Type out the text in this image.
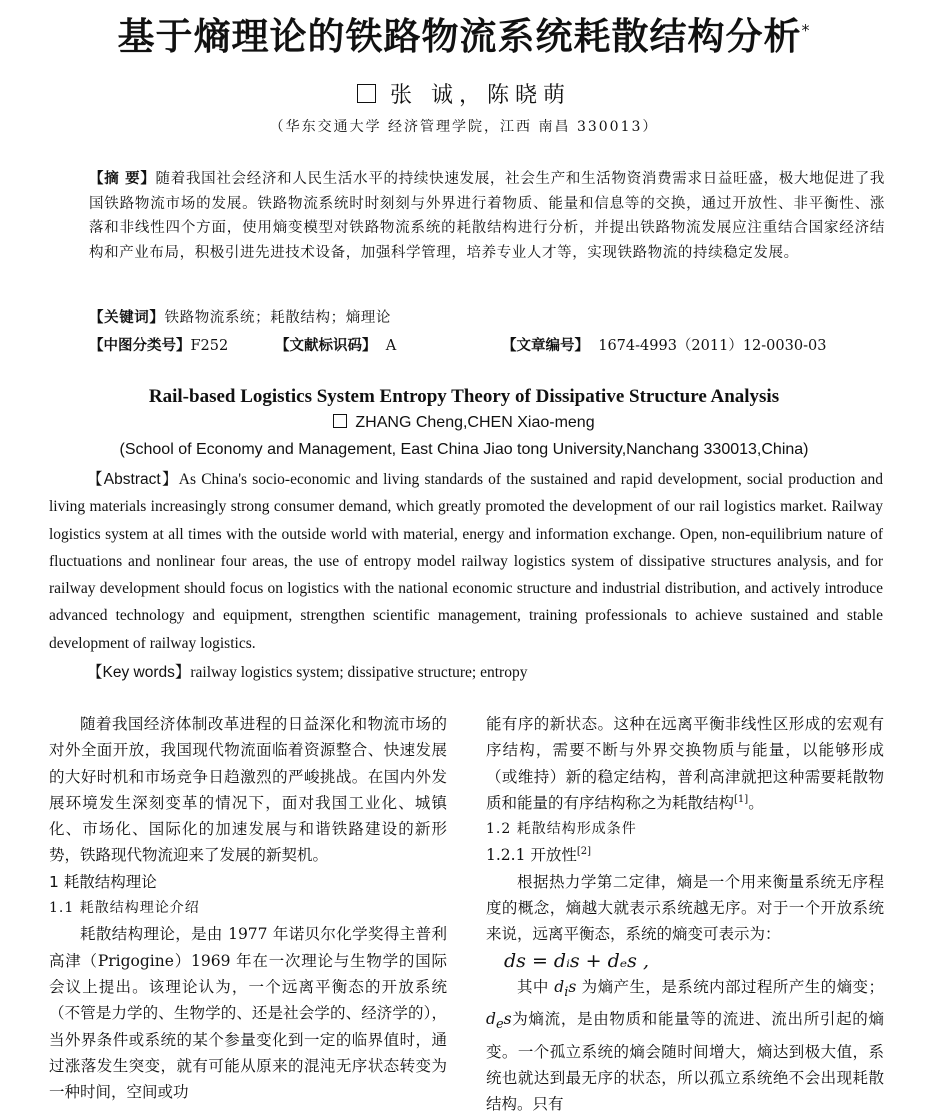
基于熵理论的铁路物流系统耗散结构分析*
张 诚，陈晓萌
（华东交通大学 经济管理学院，江西 南昌 330013）
【摘 要】随着我国社会经济和人民生活水平的持续快速发展，社会生产和生活物资消费需求日益旺盛，极大地促进了我国铁路物流市场的发展。铁路物流系统时时刻刻与外界进行着物质、能量和信息等的交换，通过开放性、非平衡性、涨落和非线性四个方面，使用熵变模型对铁路物流系统的耗散结构进行分析，并提出铁路物流发展应注重结合国家经济结构和产业布局，积极引进先进技术设备，加强科学管理，培养专业人才等，实现铁路物流的持续稳定发展。
【关键词】铁路物流系统；耗散结构；熵理论
【中图分类号】F252	【文献标识码】 A	【文章编号】 1674-4993（2011）12-0030-03
Rail-based Logistics System Entropy Theory of Dissipative Structure Analysis
ZHANG Cheng,CHEN Xiao-meng
(School of Economy and Management, East China Jiao tong University,Nanchang 330013,China)
【Abstract】As China's socio-economic and living standards of the sustained and rapid development, social production and living materials increasingly strong consumer demand, which greatly promoted the development of our rail logistics market. Railway logistics system at all times with the outside world with material, energy and information exchange. Open, non-equilibrium nature of fluctuations and nonlinear four areas, the use of entropy model railway logistics system of dissipative structures analysis, and for railway development should focus on logistics with the national economic structure and industrial distribution, and actively introduce advanced technology and equipment, strengthen scientific management, training professionals to achieve sustained and stable development of railway logistics.
【Key words】railway logistics system; dissipative structure; entropy

随着我国经济体制改革进程的日益深化和物流市场的对外全面开放，我国现代物流面临着资源整合、快速发展的大好时机和市场竞争日趋激烈的严峻挑战。在国内外发展环境发生深刻变革的情况下，面对我国工业化、城镇化、市场化、国际化的加速发展与和谐铁路建设的新形势，铁路现代物流迎来了发展的新契机。

1 耗散结构理论

1.1 耗散结构理论介绍

耗散结构理论，是由 1977 年诺贝尔化学奖得主普利高津（Prigogine）1969 年在一次理论与生物学的国际会议上提出。该理论认为，一个远离平衡态的开放系统（不管是力学的、生物学的、还是社会学的、经济学的），当外界条件或系统的某个参量变化到一定的临界值时，通过涨落发生突变，就有可能从原来的混沌无序状态转变为一种时间，空间或功

能有序的新状态。这种在远离平衡非线性区形成的宏观有序结构，需要不断与外界交换物质与能量，以能够形成（或维持）新的稳定结构，普利高津就把这种需要耗散物质和能量的有序结构称之为耗散结构[1]。

1.2 耗散结构形成条件

1.2.1 开放性[2]

根据热力学第二定律，熵是一个用来衡量系统无序程度的概念，熵越大就表示系统越无序。对于一个开放系统来说，远离平衡态，系统的熵变可表示为：

ds = dᵢs + dₑs ,

其中 $d_is$ 为熵产生，是系统内部过程所产生的熵变；$d_es$为熵流，是由物质和能量等的流进、流出所引起的熵变。一个孤立系统的熵会随时间增大，熵达到极大值，系统也就达到最无序的状态，所以孤立系统绝不会出现耗散结构。只有
